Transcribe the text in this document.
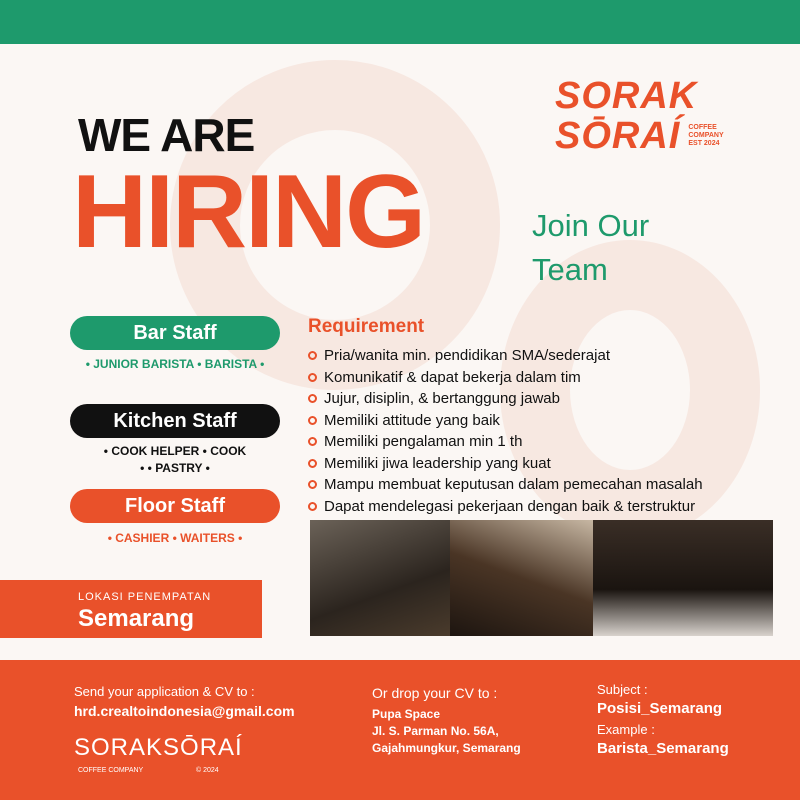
SORAK
SŌRAÍ COFFEE COMPANY EST 2024
WE ARE
HIRING	Join Our Team
Bar Staff
• JUNIOR BARISTA • BARISTA •
Kitchen Staff
• COOK HELPER • COOK • • PASTRY •
Floor Staff
• CASHIER • WAITERS •
Requirement
Pria/wanita min. pendidikan SMA/sederajat
Komunikatif & dapat bekerja dalam tim
Jujur, disiplin, & bertanggung jawab
Memiliki attitude yang baik
Memiliki pengalaman min 1 th
Memiliki jiwa leadership yang kuat
Mampu membuat keputusan dalam pemecahan masalah
Dapat mendelegasi pekerjaan dengan baik & terstruktur
LOKASI PENEMPATAN
Semarang
Send your application & CV to :
hrd.crealtoindonesia@gmail.com
SORAKSŌRAÍ
COFFEE COMPANY	© 2024
Or drop your CV to :
Pupa Space
Jl. S. Parman No. 56A,
Gajahmungkur, Semarang
Subject :
Posisi_Semarang
Example :
Barista_Semarang
